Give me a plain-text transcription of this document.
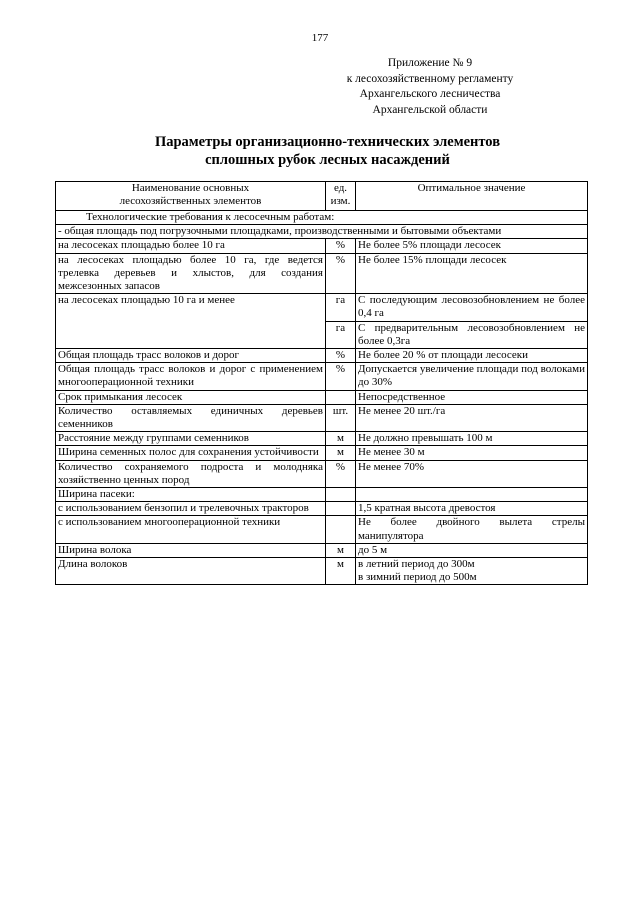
177
Приложение № 9
к лесохозяйственному регламенту
Архангельского лесничества
Архангельской области
Параметры организационно-технических элементов
сплошных рубок лесных насаждений
Наименование основных лесохозяйственных элементов	ед. изм.	Оптимальное значение
Технологические требования к лесосечным работам:		
- общая площадь под погрузочными площадками, производственными и бытовыми объектами		
на лесосеках площадью более 10 га	%	Не более 5% площади лесосек
на лесосеках площадью более 10 га, где ведется трелевка деревьев и хлыстов, для создания межсезонных запасов	%	Не более 15% площади лесосек
на лесосеках площадью 10 га и менее	га	С последующим лесовозобновлением не более 0,4 га
	га	С предварительным лесовозобновлением не более 0,3га
Общая площадь трасс волоков и дорог	%	Не более 20 % от площади лесосеки
Общая площадь трасс волоков и дорог с применением многооперационной техники	%	Допускается увеличение площади под волоками до 30%
Срок примыкания лесосек		Непосредственное
Количество оставляемых единичных деревьев семенников	шт.	Не менее 20 шт./га
Расстояние между группами семенников	м	Не должно превышать 100 м
Ширина семенных полос для сохранения устойчивости	м	Не менее 30 м
Количество сохраняемого подроста и молодняка хозяйственно ценных пород	%	Не менее 70%
Ширина пасеки:		
с использованием бензопил и трелевочных тракторов		1,5 кратная высота древостоя
с использованием многооперационной техники		Не более двойного вылета стрелы манипулятора
Ширина волока	м	до 5 м
Длина волоков	м	в летний период до 300м
в зимний период до 500м
